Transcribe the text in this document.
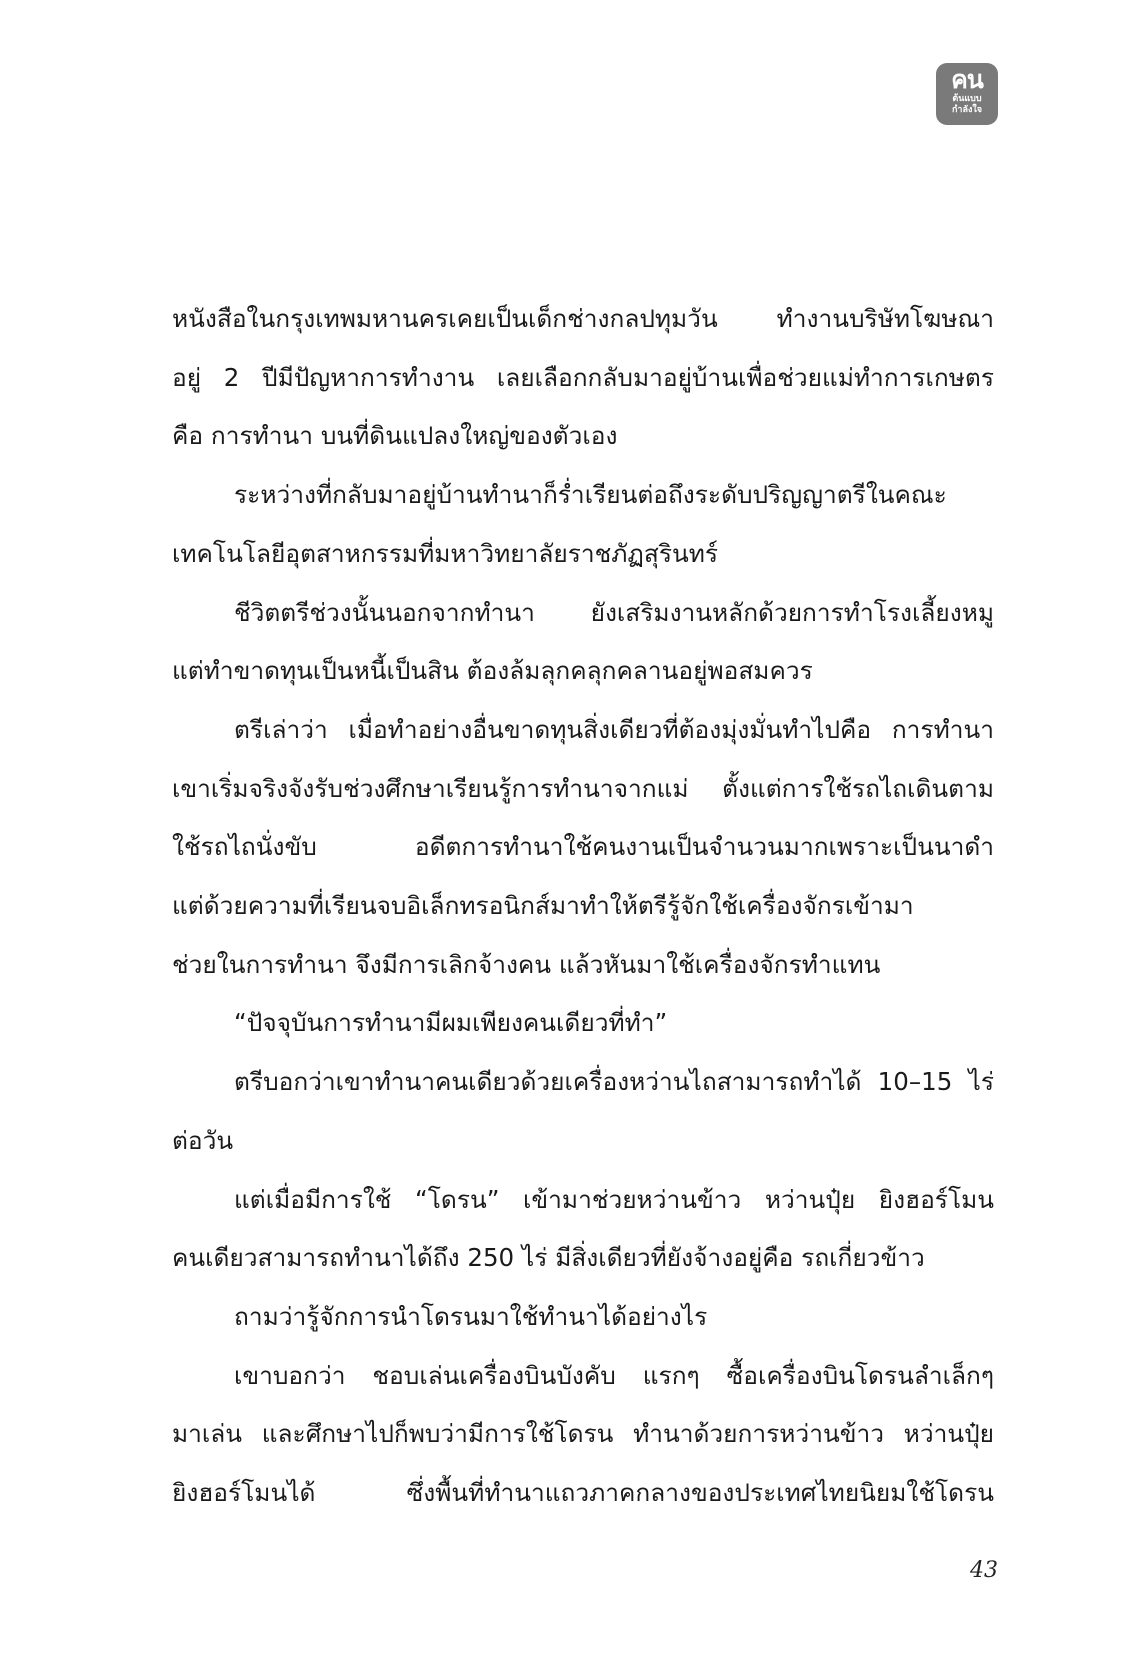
คน
ต้นแบบ
กำลังใจ
หนังสือในกรุงเทพมหานครเคยเป็นเด็กช่างกลปทุมวัน ทำงานบริษัทโฆษณา
อยู่ 2 ปีมีปัญหาการทำงาน เลยเลือกกลับมาอยู่บ้านเพื่อช่วยแม่ทำการเกษตร
คือ การทำนา บนที่ดินแปลงใหญ่ของตัวเอง
ระหว่างที่กลับมาอยู่บ้านทำนาก็ร่ำเรียนต่อถึงระดับปริญญาตรีในคณะ
เทคโนโลยีอุตสาหกรรมที่มหาวิทยาลัยราชภัฏสุรินทร์
ชีวิตตรีช่วงนั้นนอกจากทำนา ยังเสริมงานหลักด้วยการทำโรงเลี้ยงหมู
แต่ทำขาดทุนเป็นหนี้เป็นสิน ต้องล้มลุกคลุกคลานอยู่พอสมควร
ตรีเล่าว่า เมื่อทำอย่างอื่นขาดทุนสิ่งเดียวที่ต้องมุ่งมั่นทำไปคือ การทำนา
เขาเริ่มจริงจังรับช่วงศึกษาเรียนรู้การทำนาจากแม่ ตั้งแต่การใช้รถไถเดินตาม
ใช้รถไถนั่งขับ อดีตการทำนาใช้คนงานเป็นจำนวนมากเพราะเป็นนาดำ
แต่ด้วยความที่เรียนจบอิเล็กทรอนิกส์มาทำให้ตรีรู้จักใช้เครื่องจักรเข้ามา
ช่วยในการทำนา จึงมีการเลิกจ้างคน แล้วหันมาใช้เครื่องจักรทำแทน
“ปัจจุบันการทำนามีผมเพียงคนเดียวที่ทำ”
ตรีบอกว่าเขาทำนาคนเดียวด้วยเครื่องหว่านไถสามารถทำได้ 10–15 ไร่
ต่อวัน
แต่เมื่อมีการใช้ “โดรน” เข้ามาช่วยหว่านข้าว หว่านปุ๋ย ยิงฮอร์โมน
คนเดียวสามารถทำนาได้ถึง 250 ไร่ มีสิ่งเดียวที่ยังจ้างอยู่คือ รถเกี่ยวข้าว
ถามว่ารู้จักการนำโดรนมาใช้ทำนาได้อย่างไร
เขาบอกว่า ชอบเล่นเครื่องบินบังคับ แรกๆ ซื้อเครื่องบินโดรนลำเล็กๆ
มาเล่น และศึกษาไปก็พบว่ามีการใช้โดรน ทำนาด้วยการหว่านข้าว หว่านปุ๋ย
ยิงฮอร์โมนได้ ซึ่งพื้นที่ทำนาแถวภาคกลางของประเทศไทยนิยมใช้โดรน
43
